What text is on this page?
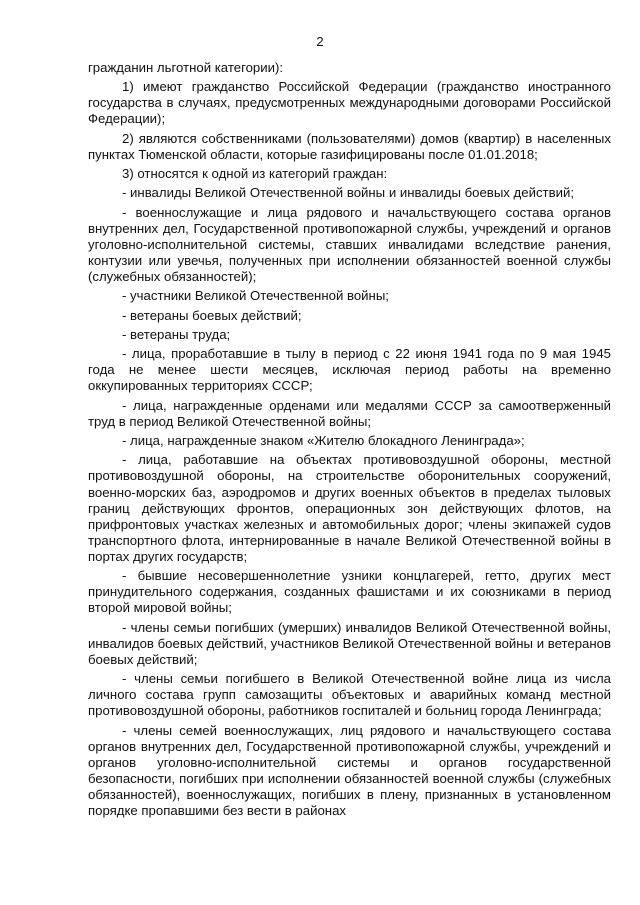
2

гражданин льготной категории):

1) имеют гражданство Российской Федерации (гражданство иностранного государства в случаях, предусмотренных международными договорами Российской Федерации);

2) являются собственниками (пользователями) домов (квартир) в населенных пунктах Тюменской области, которые газифицированы после 01.01.2018;

3) относятся к одной из категорий граждан:

- инвалиды Великой Отечественной войны и инвалиды боевых действий;

- военнослужащие и лица рядового и начальствующего состава органов внутренних дел, Государственной противопожарной службы, учреждений и органов уголовно-исполнительной системы, ставших инвалидами вследствие ранения, контузии или увечья, полученных при исполнении обязанностей военной службы (служебных обязанностей);

- участники Великой Отечественной войны;

- ветераны боевых действий;

- ветераны труда;

- лица, проработавшие в тылу в период с 22 июня 1941 года по 9 мая 1945 года не менее шести месяцев, исключая период работы на временно оккупированных территориях СССР;

- лица, награжденные орденами или медалями СССР за самоотверженный труд в период Великой Отечественной войны;

- лица, награжденные знаком «Жителю блокадного Ленинграда»;

- лица, работавшие на объектах противовоздушной обороны, местной противовоздушной обороны, на строительстве оборонительных сооружений, военно-морских баз, аэродромов и других военных объектов в пределах тыловых границ действующих фронтов, операционных зон действующих флотов, на прифронтовых участках железных и автомобильных дорог; члены экипажей судов транспортного флота, интернированные в начале Великой Отечественной войны в портах других государств;

- бывшие несовершеннолетние узники концлагерей, гетто, других мест принудительного содержания, созданных фашистами и их союзниками в период второй мировой войны;

- члены семьи погибших (умерших) инвалидов Великой Отечественной войны, инвалидов боевых действий, участников Великой Отечественной войны и ветеранов боевых действий;

- члены семьи погибшего в Великой Отечественной войне лица из числа личного состава групп самозащиты объектовых и аварийных команд местной противовоздушной обороны, работников госпиталей и больниц города Ленинграда;

- члены семей военнослужащих, лиц рядового и начальствующего состава органов внутренних дел, Государственной противопожарной службы, учреждений и органов уголовно-исполнительной системы и органов государственной безопасности, погибших при исполнении обязанностей военной службы (служебных обязанностей), военнослужащих, погибших в плену, признанных в установленном порядке пропавшими без вести в районах
